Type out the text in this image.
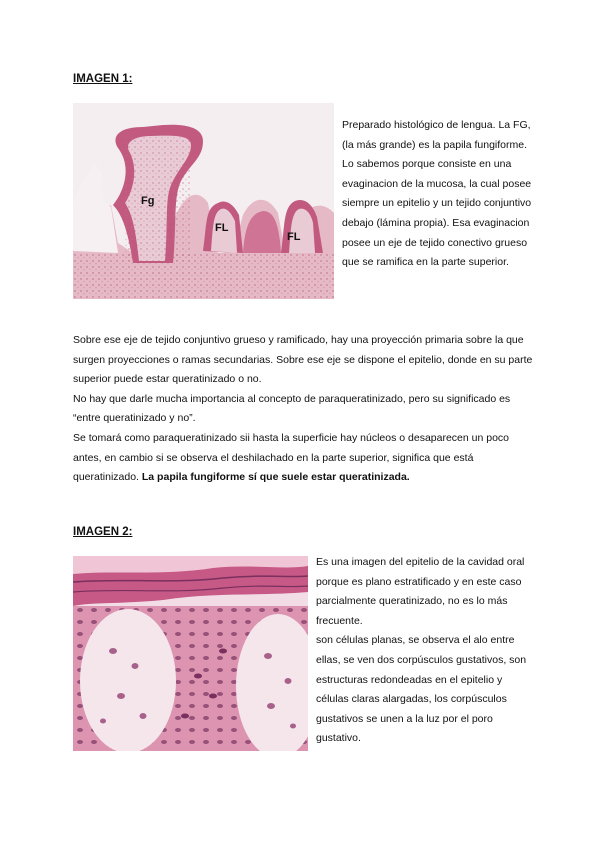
IMAGEN 1:
Fg
FL
FL

Preparado histológico de lengua. La FG, (la más grande) es la papila fungiforme. Lo sabemos porque consiste en una evaginacion de la mucosa, la cual posee siempre un epitelio y un tejido conjuntivo debajo (lámina propia). Esa evaginacion posee un eje de tejido conectivo grueso que se ramifica en la parte superior.

Sobre ese eje de tejido conjuntivo grueso y ramificado, hay una proyección primaria sobre la que surgen proyecciones o ramas secundarias. Sobre ese eje se dispone el epitelio, donde en su parte superior puede estar queratinizado o no.

No hay que darle mucha importancia al concepto de paraqueratinizado, pero su significado es “entre queratinizado y no”.

Se tomará como paraqueratinizado sii hasta la superficie hay núcleos o desaparecen un poco antes, en cambio si se observa el deshilachado en la parte superior, significa que está queratinizado. La papila fungiforme sí que suele estar queratinizada.

IMAGEN 2:

Es una imagen del epitelio de la cavidad oral porque es plano estratificado y en este caso parcialmente queratinizado, no es lo más frecuente.

son células planas, se observa el alo entre ellas, se ven dos corpúsculos gustativos, son estructuras redondeadas en el epitelio y células claras alargadas, los corpúsculos gustativos se unen a la luz por el poro gustativo.
